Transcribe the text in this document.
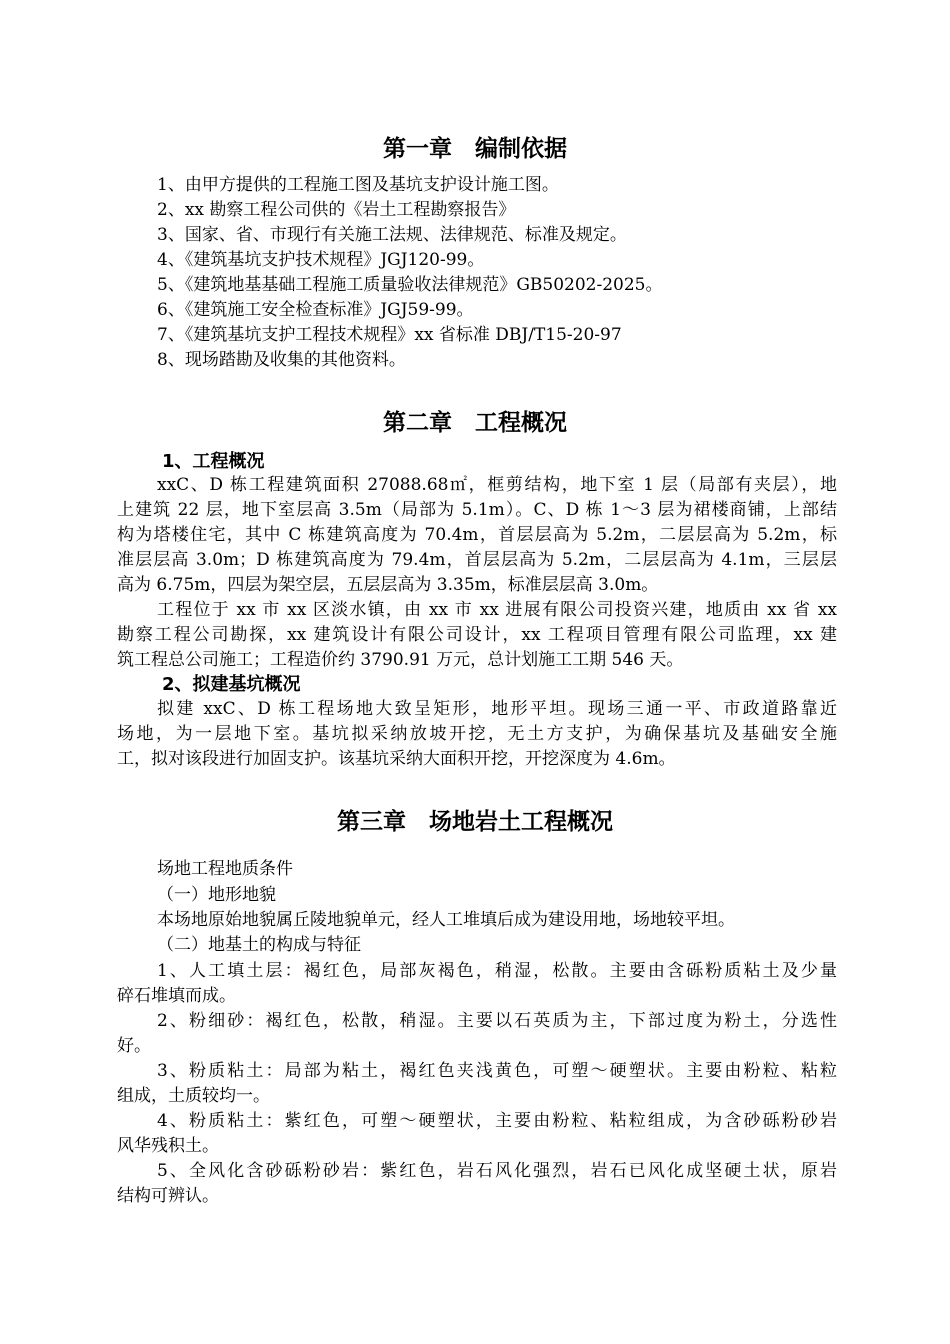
第一章　编制依据
1、由甲方提供的工程施工图及基坑支护设计施工图。
2、xx 勘察工程公司供的《岩土工程勘察报告》
3、国家、省、市现行有关施工法规、法律规范、标准及规定。
4、《建筑基坑支护技术规程》JGJ120-99。
5、《建筑地基基础工程施工质量验收法律规范》GB50202-2025。
6、《建筑施工安全检查标准》JGJ59-99。
7、《建筑基坑支护工程技术规程》xx 省标准 DBJ/T15-20-97
8、现场踏勘及收集的其他资料。
第二章　工程概况
1、工程概况
xxC、D 栋工程建筑面积 27088.68㎡，框剪结构，地下室 1 层（局部有夹层），地
上建筑 22 层，地下室层高 3.5m（局部为 5.1m）。C、D 栋 1～3 层为裙楼商铺，上部结
构为塔楼住宅，其中 C 栋建筑高度为 70.4m，首层层高为 5.2m，二层层高为 5.2m，标
准层层高 3.0m；D 栋建筑高度为 79.4m，首层层高为 5.2m，二层层高为 4.1m，三层层
高为 6.75m，四层为架空层，五层层高为 3.35m，标准层层高 3.0m。
工程位于 xx 市 xx 区淡水镇，由 xx 市 xx 进展有限公司投资兴建，地质由 xx 省 xx
勘察工程公司勘探，xx 建筑设计有限公司设计，xx 工程项目管理有限公司监理，xx 建
筑工程总公司施工；工程造价约 3790.91 万元，总计划施工工期 546 天。
2、拟建基坑概况
拟建 xxC、D 栋工程场地大致呈矩形，地形平坦。现场三通一平、市政道路靠近
场地，为一层地下室。基坑拟采纳放坡开挖，无土方支护，为确保基坑及基础安全施
工，拟对该段进行加固支护。该基坑采纳大面积开挖，开挖深度为 4.6m。
第三章　场地岩土工程概况
场地工程地质条件
（一）地形地貌
本场地原始地貌属丘陵地貌单元，经人工堆填后成为建设用地，场地较平坦。
（二）地基土的构成与特征
1、人工填土层：褐红色，局部灰褐色，稍湿，松散。主要由含砾粉质粘土及少量
碎石堆填而成。
2、粉细砂：褐红色，松散，稍湿。主要以石英质为主，下部过度为粉土，分选性
好。
3、粉质粘土：局部为粘土，褐红色夹浅黄色，可塑～硬塑状。主要由粉粒、粘粒
组成，土质较均一。
4、粉质粘土：紫红色，可塑～硬塑状，主要由粉粒、粘粒组成，为含砂砾粉砂岩
风华残积土。
5、全风化含砂砾粉砂岩：紫红色，岩石风化强烈，岩石已风化成坚硬土状，原岩
结构可辨认。
